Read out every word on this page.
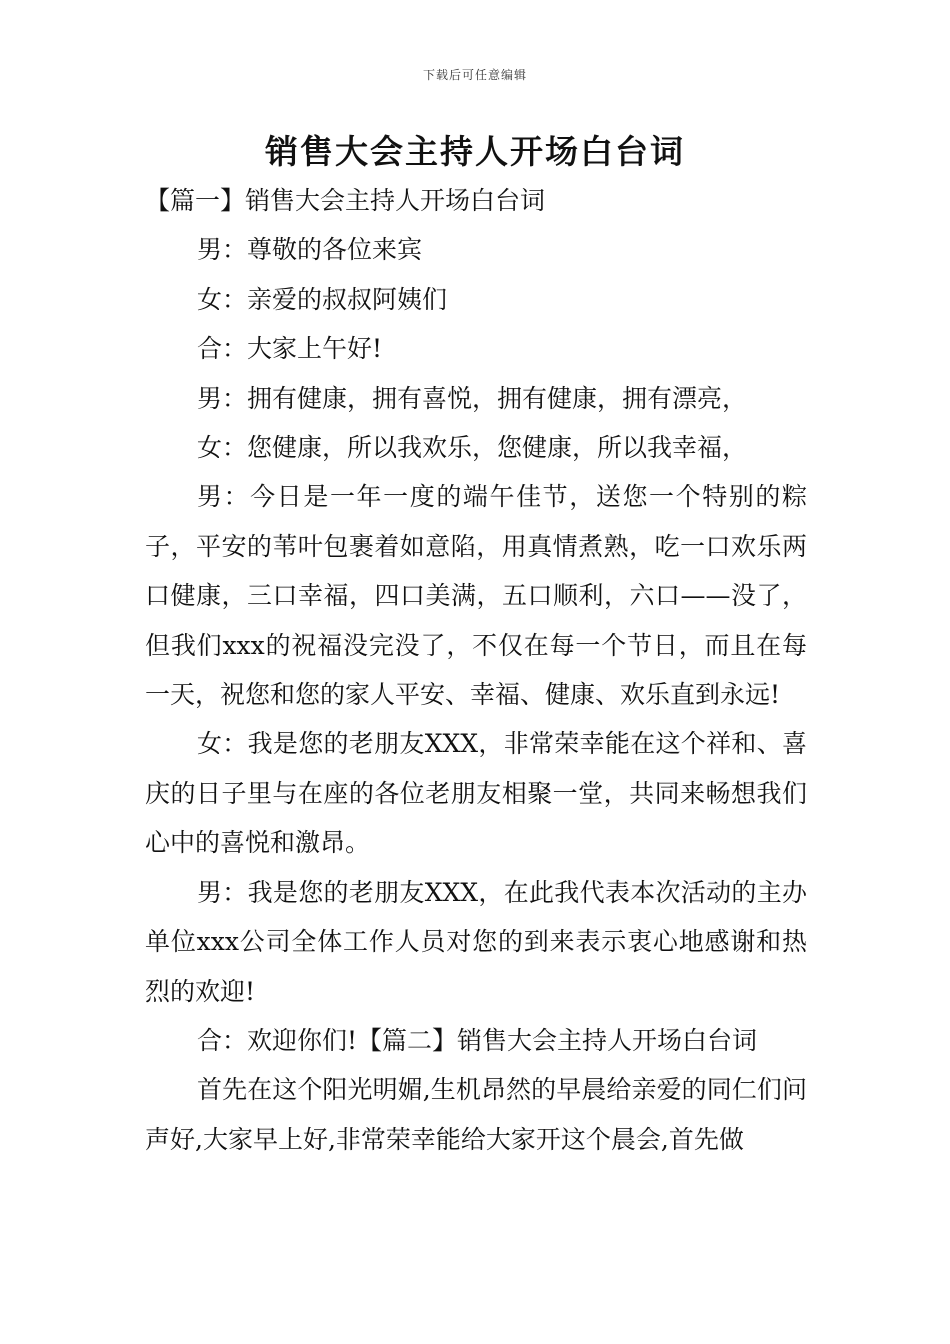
下载后可任意编辑
销售大会主持人开场白台词

【篇一】销售大会主持人开场白台词

男：尊敬的各位来宾

女：亲爱的叔叔阿姨们

合：大家上午好!

男：拥有健康，拥有喜悦，拥有健康，拥有漂亮，

女：您健康，所以我欢乐，您健康，所以我幸福，

男：今日是一年一度的端午佳节，送您一个特别的粽子，平安的苇叶包裹着如意陷，用真情煮熟，吃一口欢乐两口健康，三口幸福，四口美满，五口顺利，六口——没了，但我们xxx的祝福没完没了，不仅在每一个节日，而且在每一天，祝您和您的家人平安、幸福、健康、欢乐直到永远!

女：我是您的老朋友XXX，非常荣幸能在这个祥和、喜庆的日子里与在座的各位老朋友相聚一堂，共同来畅想我们心中的喜悦和激昂。

男：我是您的老朋友XXX，在此我代表本次活动的主办单位xxx公司全体工作人员对您的到来表示衷心地感谢和热烈的欢迎!

合：欢迎你们!【篇二】销售大会主持人开场白台词

首先在这个阳光明媚,生机昂然的早晨给亲爱的同仁们问声好,大家早上好,非常荣幸能给大家开这个晨会,首先做
